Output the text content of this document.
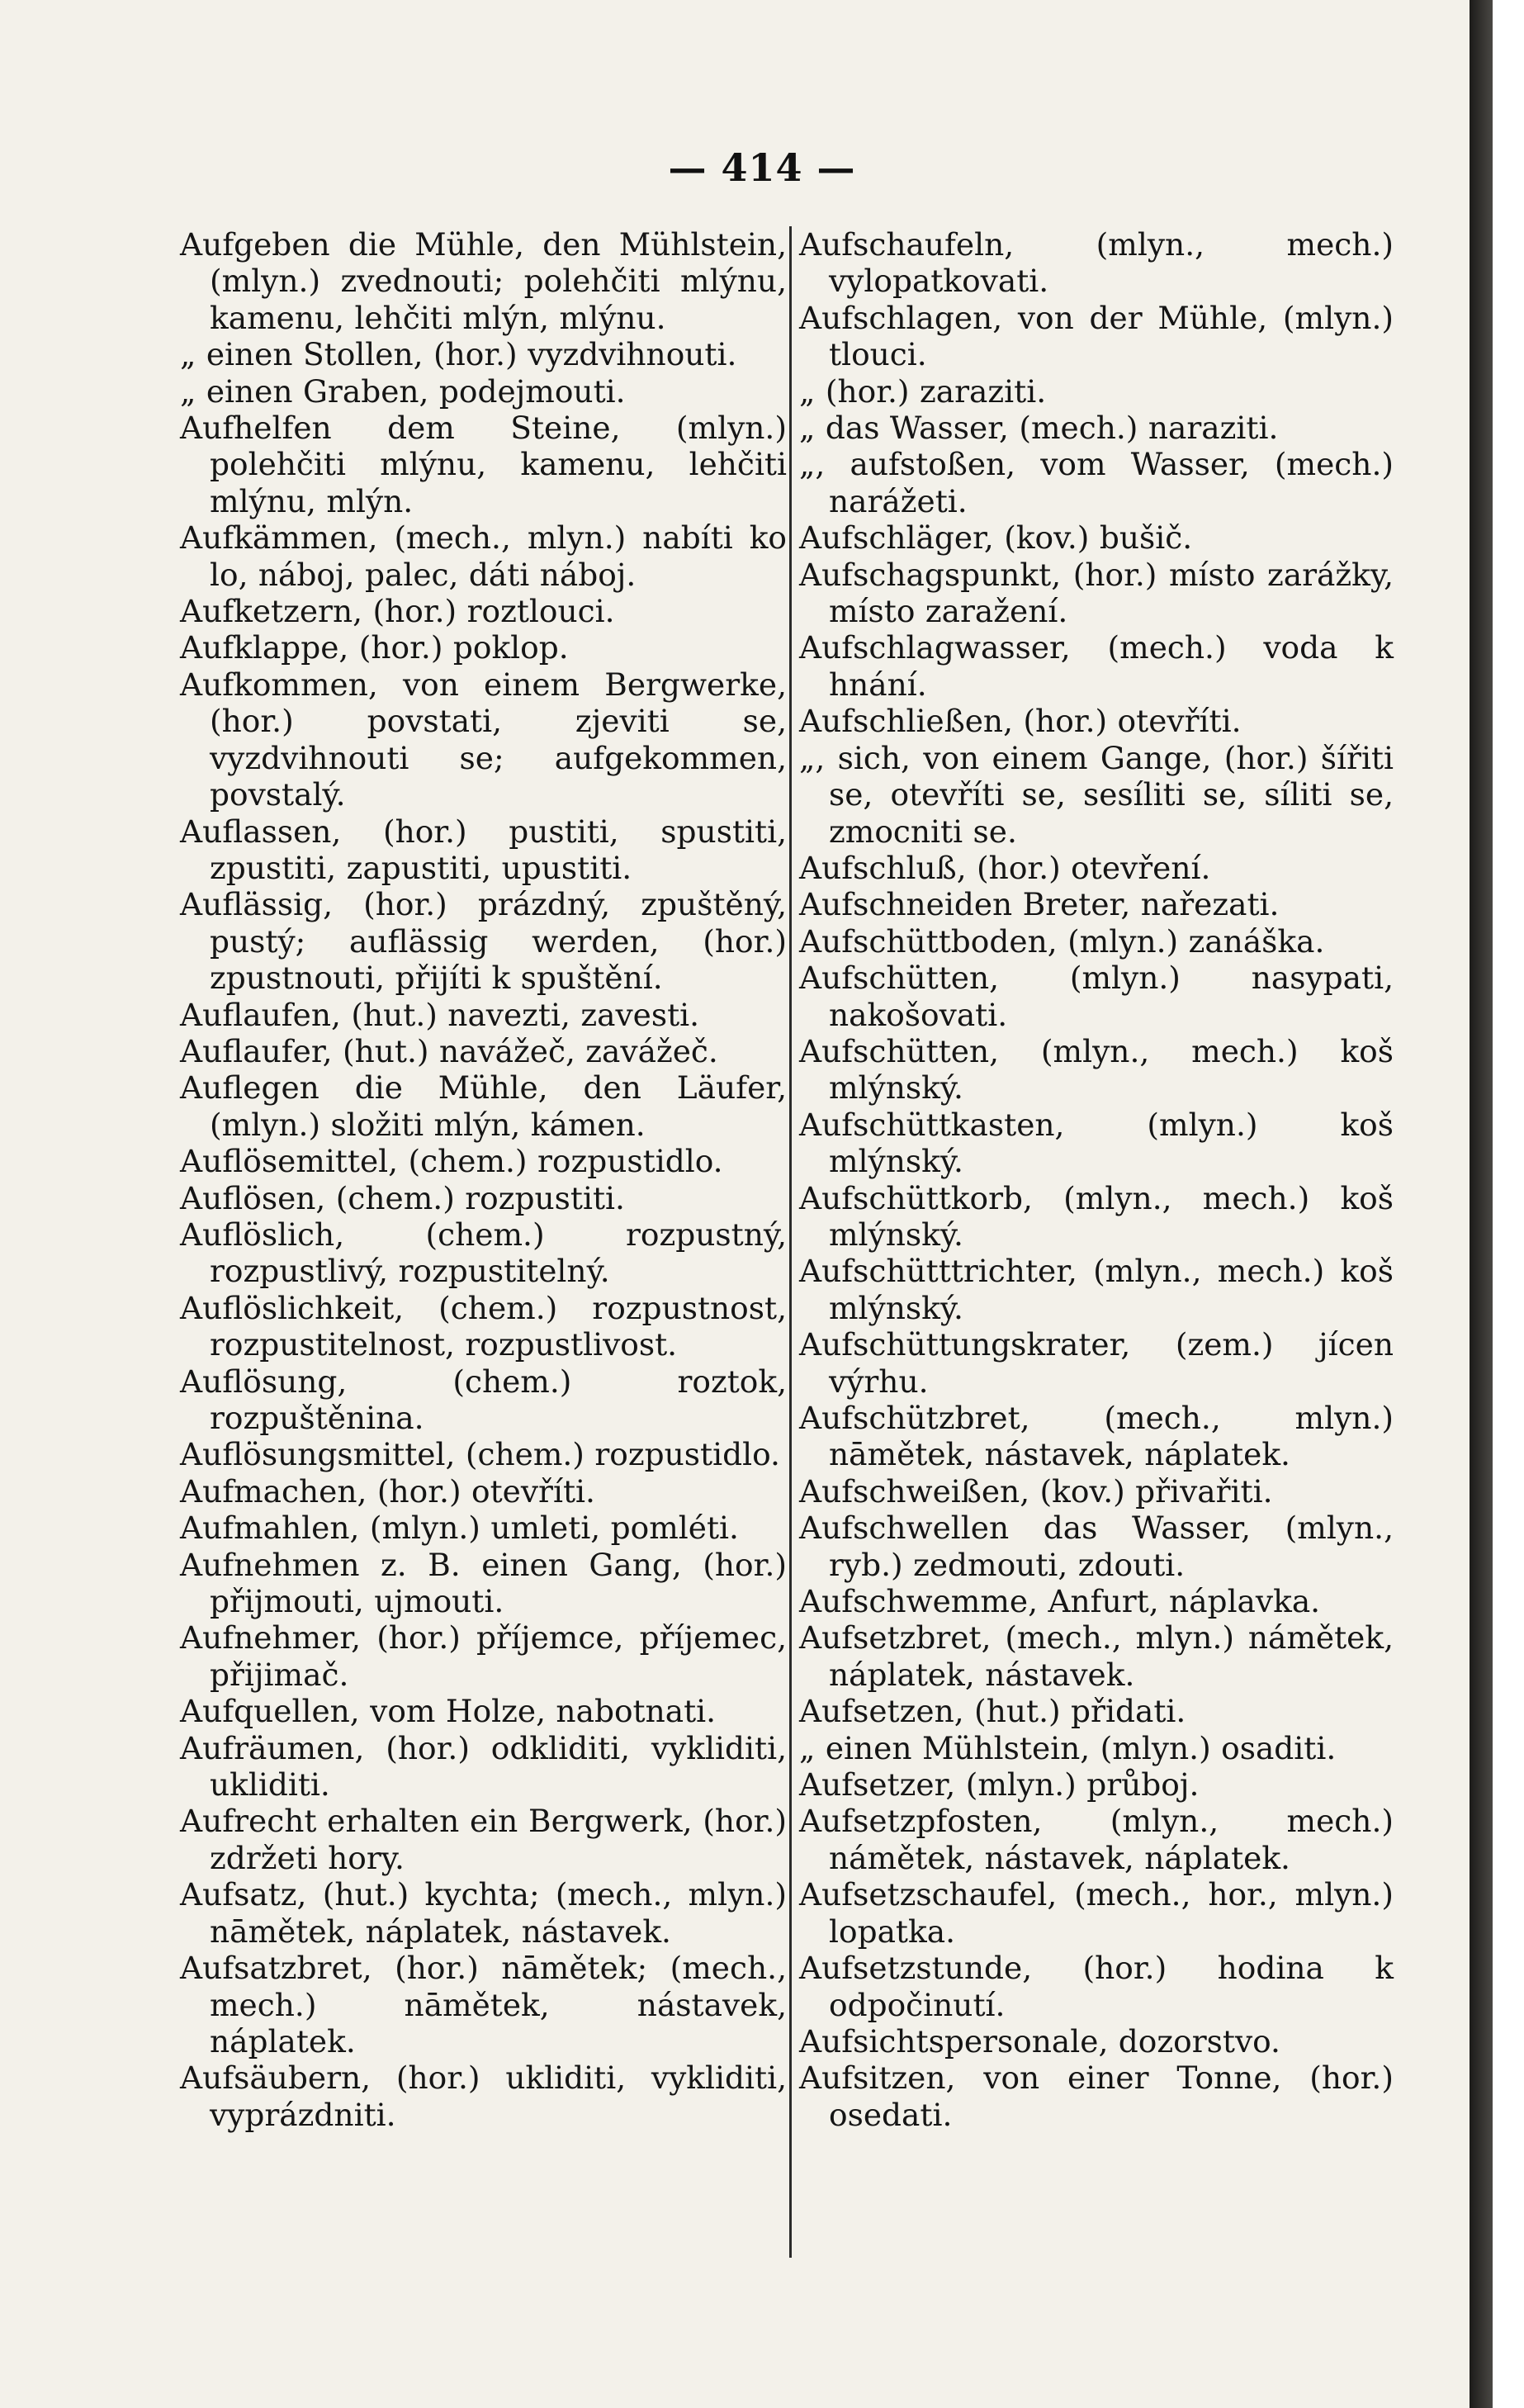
— 414 —
Aufgeben die Mühle, den Mühlstein, (mlyn.) zvednouti; polehčiti mlýnu, kamenu, lehčiti mlýn, mlýnu.
„ einen Stollen, (hor.) vyzdvihnouti.
„ einen Graben, podejmouti.
Aufhelfen dem Steine, (mlyn.) polehčiti mlýnu, kamenu, lehčiti mlýnu, mlýn.
Aufkämmen, (mech., mlyn.) nabíti ko lo, náboj, palec, dáti náboj.
Aufketzern, (hor.) roztlouci.
Aufklappe, (hor.) poklop.
Aufkommen, von einem Bergwerke, (hor.) povstati, zjeviti se, vyzdvihnouti se; aufgekommen, povstalý.
Auflassen, (hor.) pustiti, spustiti, zpustiti, zapustiti, upustiti.
Auflässig, (hor.) prázdný, zpuštěný, pustý; auflässig werden, (hor.) zpustnouti, přijíti k spuštění.
Auflaufen, (hut.) navezti, zavesti.
Auflaufer, (hut.) navážeč, zavážeč.
Auflegen die Mühle, den Läufer, (mlyn.) složiti mlýn, kámen.
Auflösemittel, (chem.) rozpustidlo.
Auflösen, (chem.) rozpustiti.
Auflöslich, (chem.) rozpustný, rozpustlivý, rozpustitelný.
Auflöslichkeit, (chem.) rozpustnost, rozpustitelnost, rozpustlivost.
Auflösung, (chem.) roztok, rozpuštěnina.
Auflösungsmittel, (chem.) rozpustidlo.
Aufmachen, (hor.) otevříti.
Aufmahlen, (mlyn.) umleti, pomléti.
Aufnehmen z. B. einen Gang, (hor.) přijmouti, ujmouti.
Aufnehmer, (hor.) příjemce, příjemec, přijimač.
Aufquellen, vom Holze, nabotnati.
Aufräumen, (hor.) odkliditi, vykliditi, ukliditi.
Aufrecht erhalten ein Bergwerk, (hor.) zdržeti hory.
Aufsatz, (hut.) kychta; (mech., mlyn.) nāmětek, náplatek, nástavek.
Aufsatzbret, (hor.) nāmětek; (mech., mech.) nāmětek, nástavek, náplatek.
Aufsäubern, (hor.) ukliditi, vykliditi, vyprázdniti.
Aufschaufeln, (mlyn., mech.) vylopatkovati.
Aufschlagen, von der Mühle, (mlyn.) tlouci.
„ (hor.) zaraziti.
„ das Wasser, (mech.) naraziti.
„, aufstoßen, vom Wasser, (mech.) narážeti.
Aufschläger, (kov.) bušič.
Aufschagspunkt, (hor.) místo zarážky, místo zaražení.
Aufschlagwasser, (mech.) voda k hnání.
Aufschließen, (hor.) otevříti.
„, sich, von einem Gange, (hor.) šířiti se, otevříti se, sesíliti se, síliti se, zmocniti se.
Aufschluß, (hor.) otevření.
Aufschneiden Breter, nařezati.
Aufschüttboden, (mlyn.) zanáška.
Aufschütten, (mlyn.) nasypati, nakošovati.
Aufschütten, (mlyn., mech.) koš mlýnský.
Aufschüttkasten, (mlyn.) koš mlýnský.
Aufschüttkorb, (mlyn., mech.) koš mlýnský.
Aufschütttrichter, (mlyn., mech.) koš mlýnský.
Aufschüttungskrater, (zem.) jícen výrhu.
Aufschützbret, (mech., mlyn.) nāmětek, nástavek, náplatek.
Aufschweißen, (kov.) přivařiti.
Aufschwellen das Wasser, (mlyn., ryb.) zedmouti, zdouti.
Aufschwemme, Anfurt, náplavka.
Aufsetzbret, (mech., mlyn.) námětek, náplatek, nástavek.
Aufsetzen, (hut.) přidati.
„ einen Mühlstein, (mlyn.) osaditi.
Aufsetzer, (mlyn.) průboj.
Aufsetzpfosten, (mlyn., mech.) námětek, nástavek, náplatek.
Aufsetzschaufel, (mech., hor., mlyn.) lopatka.
Aufsetzstunde, (hor.) hodina k odpočinutí.
Aufsichtspersonale, dozorstvo.
Aufsitzen, von einer Tonne, (hor.) osedati.
